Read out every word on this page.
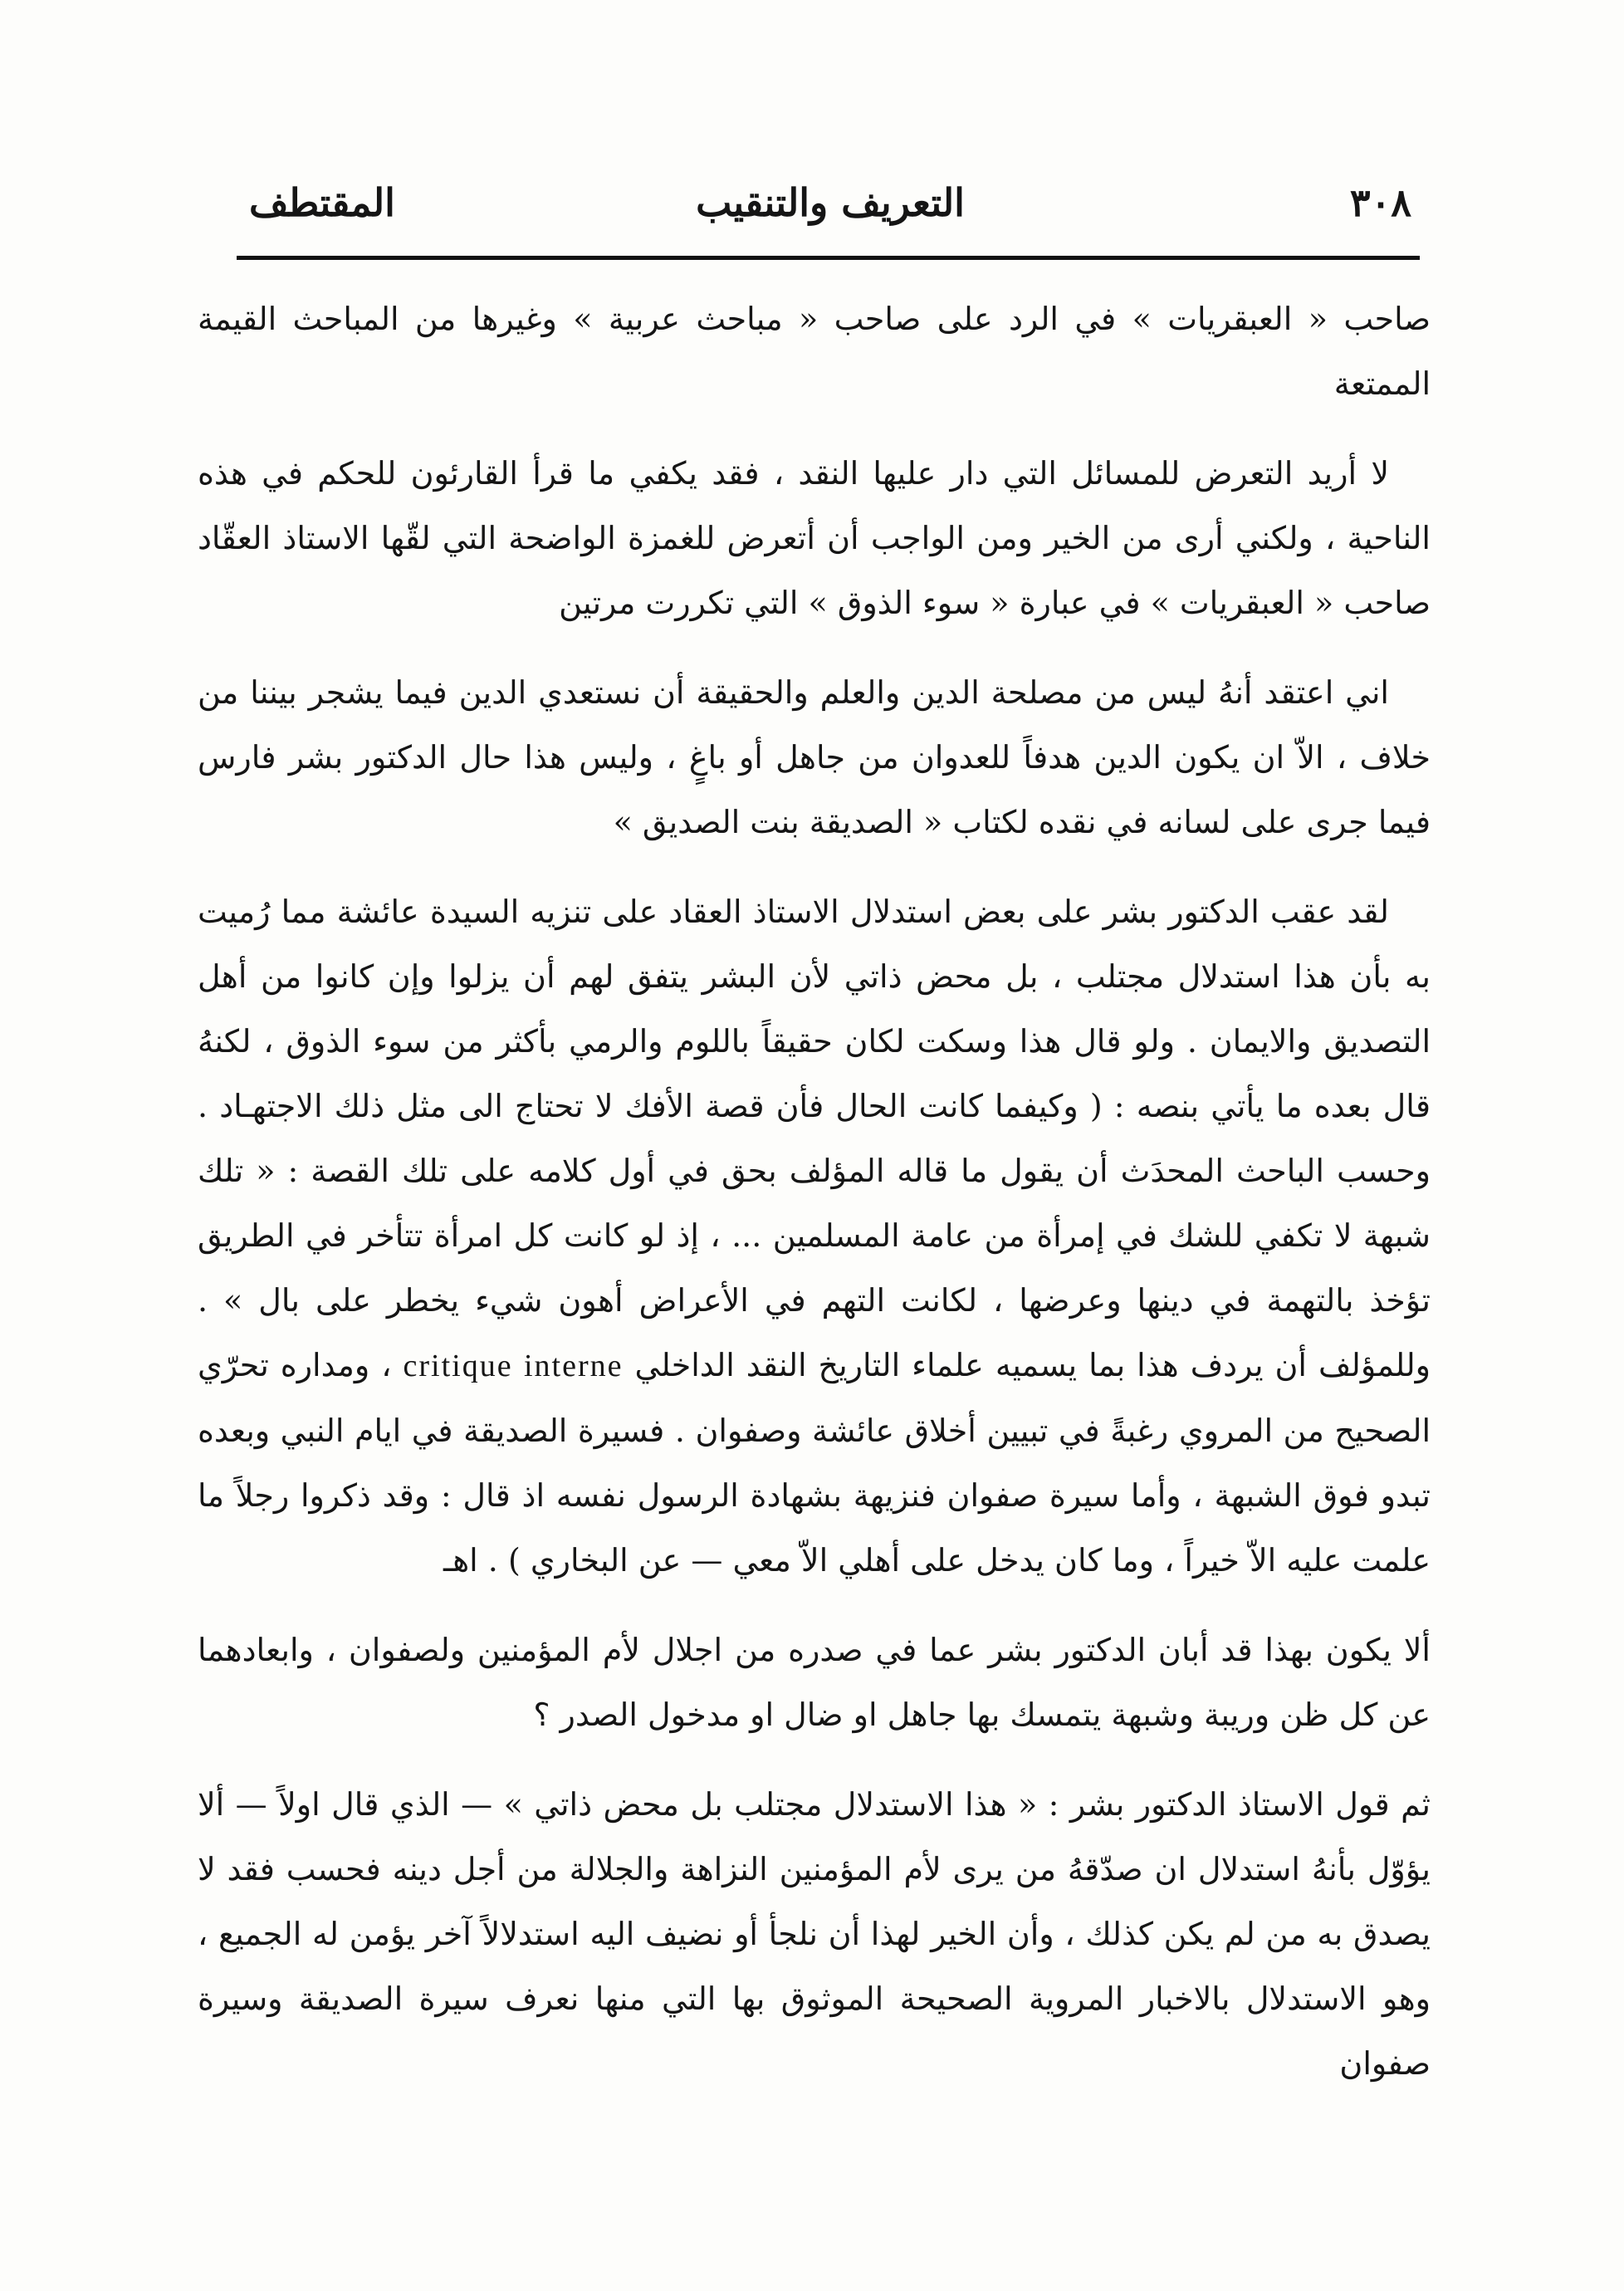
المقتطف	التعريف والتنقيب	٣٠٨

صاحب « العبقريات » في الرد على صاحب « مباحث عربية » وغيرها من المباحث القيمة الممتعة

لا أريد التعرض للمسائل التي دار عليها النقد ، فقد يكفي ما قرأ القارئون للحكم في هذه الناحية ، ولكني أرى من الخير ومن الواجب أن أتعرض للغمزة الواضحة التي لقّها الاستاذ العقّاد صاحب « العبقريات » في عبارة « سوء الذوق » التي تكررت مرتين

اني اعتقد أنهُ ليس من مصلحة الدين والعلم والحقيقة أن نستعدي الدين فيما يشجر بيننا من خلاف ، الاّ ان يكون الدين هدفاً للعدوان من جاهل أو باغٍ ، وليس هذا حال الدكتور بشر فارس فيما جرى على لسانه في نقده لكتاب « الصديقة بنت الصديق »

لقد عقب الدكتور بشر على بعض استدلال الاستاذ العقاد على تنزيه السيدة عائشة مما رُميت به بأن هذا استدلال مجتلب ، بل محض ذاتي لأن البشر يتفق لهم أن يزلوا وإن كانوا من أهل التصديق والايمان . ولو قال هذا وسكت لكان حقيقاً باللوم والرمي بأكثر من سوء الذوق ، لكنهُ قال بعده ما يأتي بنصه : ( وكيفما كانت الحال فأن قصة الأفك لا تحتاج الى مثل ذلك الاجتهـاد . وحسب الباحث المحدَث أن يقول ما قاله المؤلف بحق في أول كلامه على تلك القصة : « تلك شبهة لا تكفي للشك في إمرأة من عامة المسلمين ... ، إذ لو كانت كل امرأة تتأخر في الطريق تؤخذ بالتهمة في دينها وعرضها ، لكانت التهم في الأعراض أهون شيء يخطر على بال » . وللمؤلف أن يردف هذا بما يسميه علماء التاريخ النقد الداخلي critique interne ، ومداره تحرّي الصحيح من المروي رغبةً في تبيين أخلاق عائشة وصفوان . فسيرة الصديقة في ايام النبي وبعده تبدو فوق الشبهة ، وأما سيرة صفوان فنزيهة بشهادة الرسول نفسه اذ قال : وقد ذكروا رجلاً ما علمت عليه الاّ خيراً ، وما كان يدخل على أهلي الاّ معي — عن البخاري ) . اهـ

ألا يكون بهذا قد أبان الدكتور بشر عما في صدره من اجلال لأم المؤمنين ولصفوان ، وابعادهما عن كل ظن وريبة وشبهة يتمسك بها جاهل او ضال او مدخول الصدر ؟

ثم قول الاستاذ الدكتور بشر : « هذا الاستدلال مجتلب بل محض ذاتي » — الذي قال اولاً — ألا يؤوّل بأنهُ استدلال ان صدّقهُ من يرى لأم المؤمنين النزاهة والجلالة من أجل دينه فحسب فقد لا يصدق به من لم يكن كذلك ، وأن الخير لهذا أن نلجأ أو نضيف اليه استدلالاً آخر يؤمن له الجميع ، وهو الاستدلال بالاخبار المروية الصحيحة الموثوق بها التي منها نعرف سيرة الصديقة وسيرة صفوان
